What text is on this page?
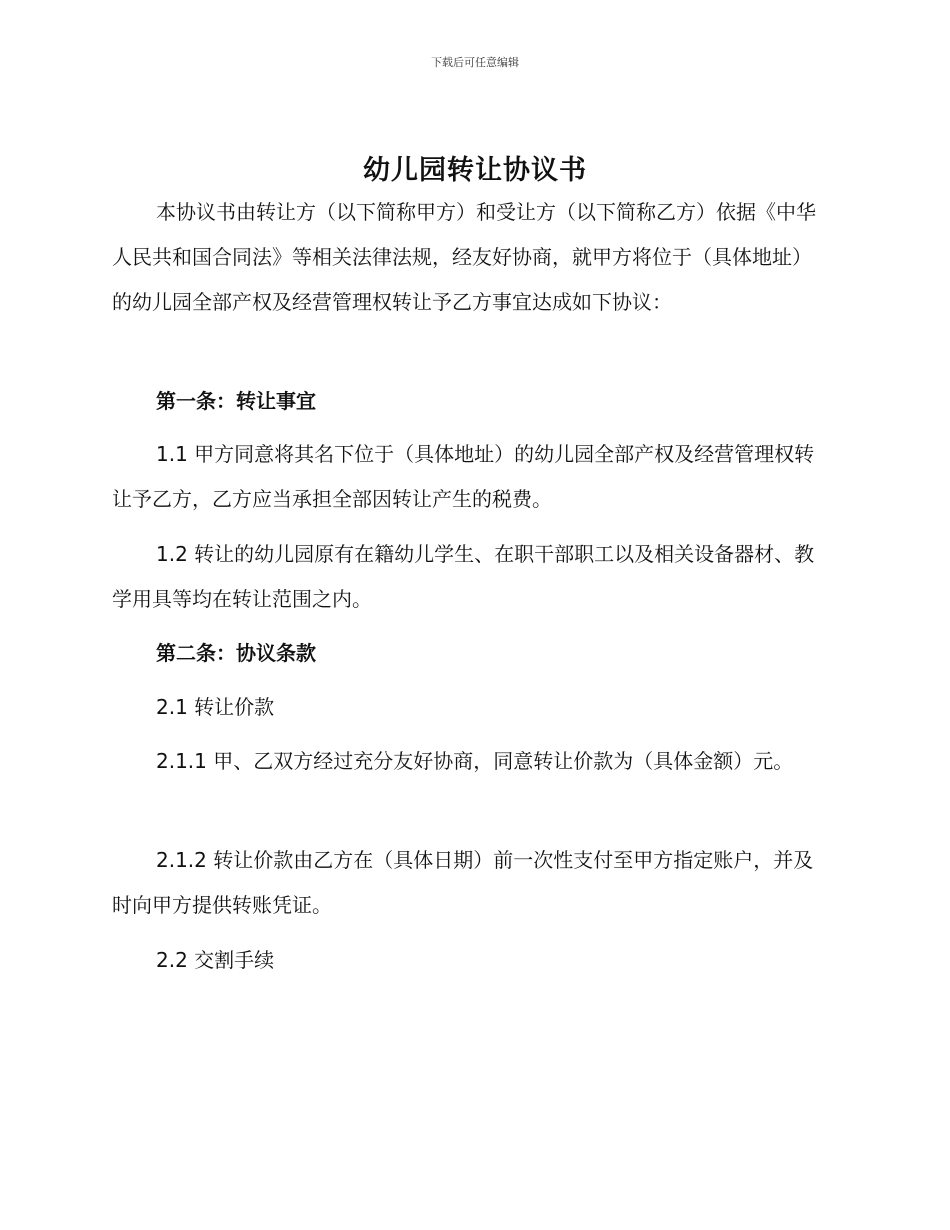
下载后可任意编辑
幼儿园转让协议书

本协议书由转让方（以下简称甲方）和受让方（以下简称乙方）依据《中华人民共和国合同法》等相关法律法规，经友好协商，就甲方将位于（具体地址）的幼儿园全部产权及经营管理权转让予乙方事宜达成如下协议：

第一条：转让事宜

1.1 甲方同意将其名下位于（具体地址）的幼儿园全部产权及经营管理权转让予乙方，乙方应当承担全部因转让产生的税费。

1.2 转让的幼儿园原有在籍幼儿学生、在职干部职工以及相关设备器材、教学用具等均在转让范围之内。

第二条：协议条款

2.1 转让价款

2.1.1 甲、乙双方经过充分友好协商，同意转让价款为（具体金额）元。

2.1.2 转让价款由乙方在（具体日期）前一次性支付至甲方指定账户，并及时向甲方提供转账凭证。

2.2 交割手续
